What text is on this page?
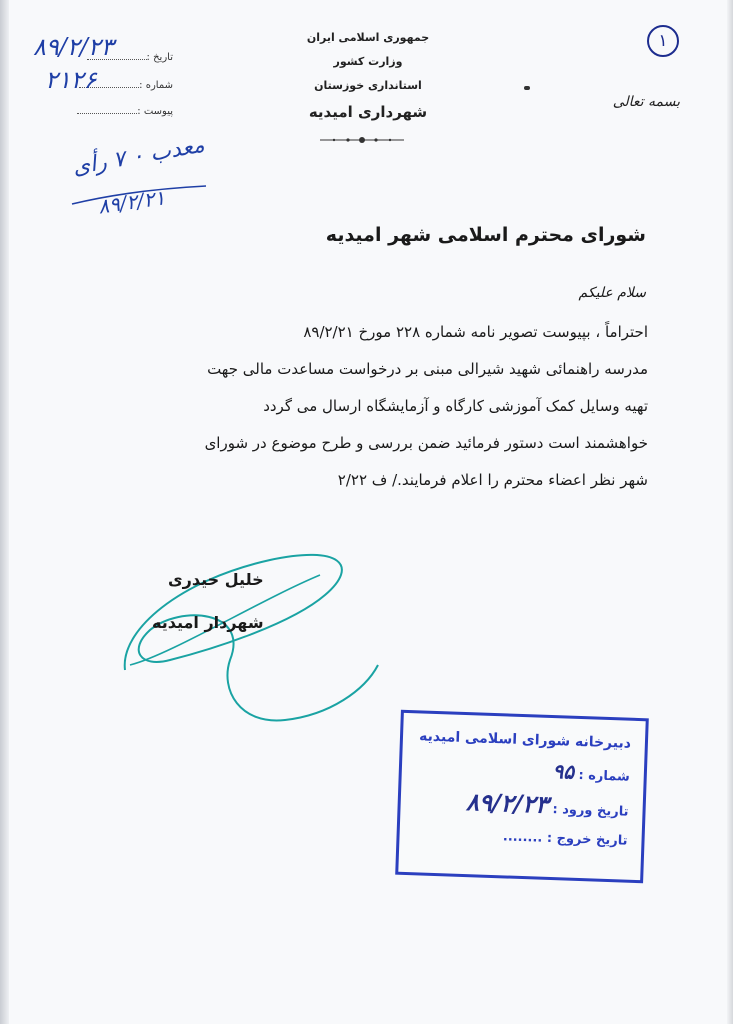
١
جمهوری اسلامی ایران
وزارت کشور
استانداری خوزستان
شهرداری امیدیه
بسمه تعالی
تاریخ :
شماره :
پیوست :
۸۹/۲/۲۳
۲۱۲۶
معدب ۰ ۷ رأی
۸۹/۲/۲۱
شورای محترم اسلامی شهر امیدیه
سلام علیکم

احتراماً ، بپیوست تصویر نامه شماره ۲۲۸ مورخ ۸۹/۲/۲۱

مدرسه راهنمائی شهید شیرالی مبنی بر درخواست مساعدت مالی جهت

تهیه وسایل کمک آموزشی کارگاه و آزمایشگاه ارسال می گردد

خواهشمند است دستور فرمائید ضمن بررسی و طرح موضوع در شورای

شهر نظر اعضاء محترم را اعلام فرمایند./ ف ۲/۲۲

خلیل حیدری
شهردار امیدیه
دبیرخانه شورای اسلامی امیدیه
شماره : ۹۵
تاریخ ورود : ۸۹/۲/۲۳
تاریخ خروج : ........
